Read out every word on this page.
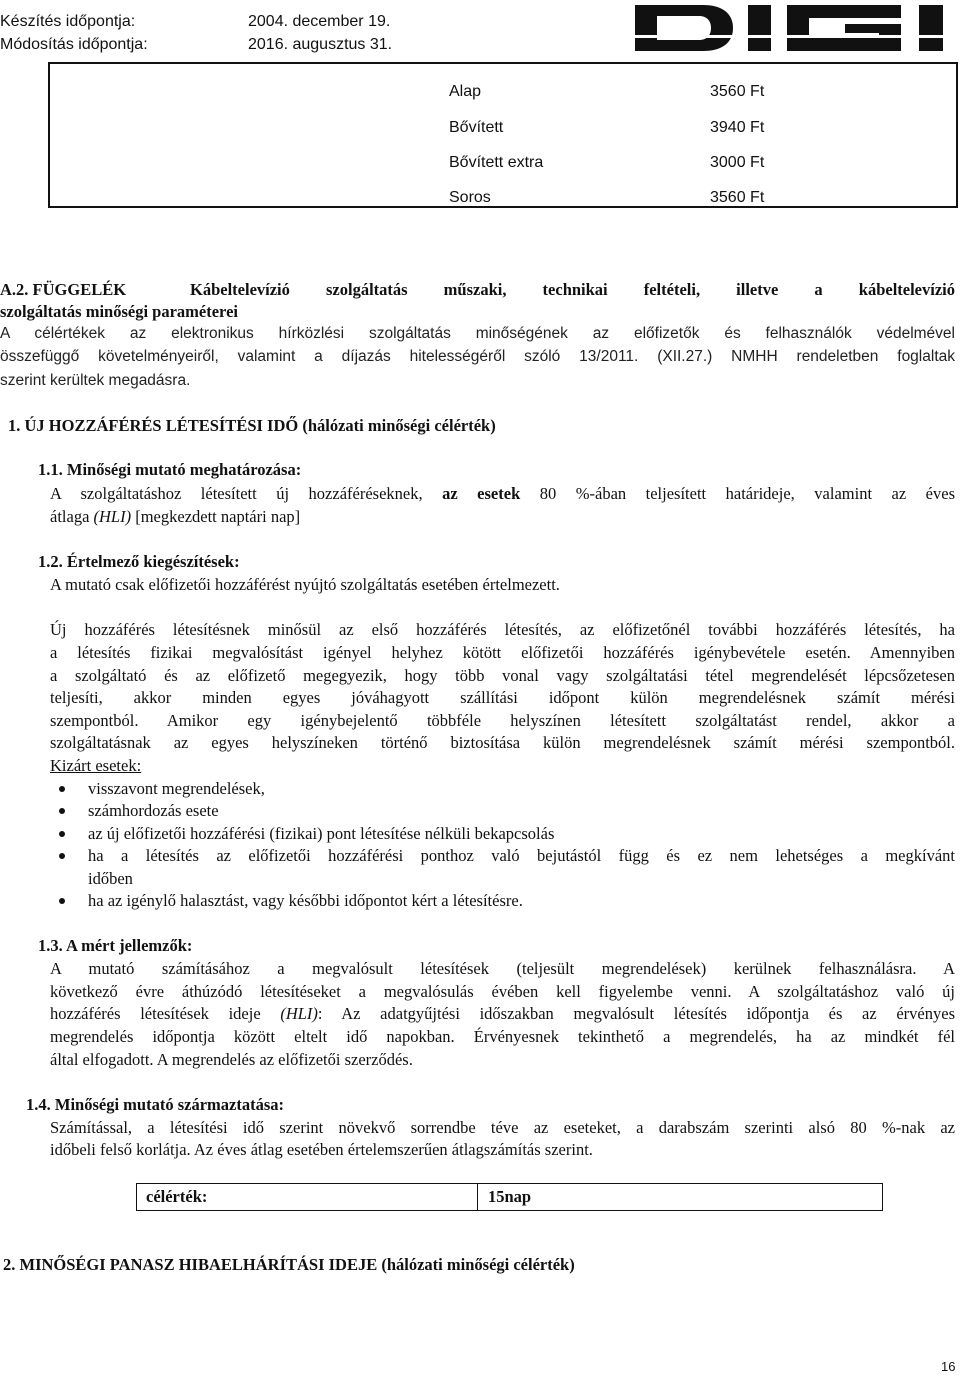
Készítés időpontja:	2004. december 19.
Módosítás időpontja:	2016. augusztus 31.
Alap	3560 Ft
Bővített	3940 Ft
Bővített extra	3000 Ft
Soros	3560 Ft
A.2. FÜGGELÉK	Kábeltelevízió szolgáltatás műszaki, technikai feltételi, illetve a kábeltelevízió
szolgáltatás minőségi paraméterei
A célértékek az elektronikus hírközlési szolgáltatás minőségének az előfizetők és felhasználók védelmével
összefüggő követelményeiről, valamint a díjazás hitelességéről szóló 13/2011. (XII.27.) NMHH rendeletben foglaltak
szerint kerültek megadásra.
1. ÚJ HOZZÁFÉRÉS LÉTESÍTÉSI IDŐ (hálózati minőségi célérték)
1.1. Minőségi mutató meghatározása:
A szolgáltatáshoz létesített új hozzáféréseknek, az esetek 80 %-ában teljesített határideje, valamint az éves
átlaga (HLI) [megkezdett naptári nap]
1.2. Értelmező kiegészítések:
A mutató csak előfizetői hozzáférést nyújtó szolgáltatás esetében értelmezett.
Új hozzáférés létesítésnek minősül az első hozzáférés létesítés, az előfizetőnél további hozzáférés létesítés, ha
a létesítés fizikai megvalósítást igényel helyhez kötött előfizetői hozzáférés igénybevétele esetén. Amennyiben
a szolgáltató és az előfizető megegyezik, hogy több vonal vagy szolgáltatási tétel megrendelését lépcsőzetesen
teljesíti, akkor minden egyes jóváhagyott szállítási időpont külön megrendelésnek számít mérési
szempontból. Amikor egy igénybejelentő többféle helyszínen létesített szolgáltatást rendel, akkor a
szolgáltatásnak az egyes helyszíneken történő biztosítása külön megrendelésnek számít mérési szempontból.
Kizárt esetek:
visszavont megrendelések,
számhordozás esete
az új előfizetői hozzáférési (fizikai) pont létesítése nélküli bekapcsolás
ha a létesítés az előfizetői hozzáférési ponthoz való bejutástól függ és ez nem lehetséges a megkívánt
időben
ha az igénylő halasztást, vagy későbbi időpontot kért a létesítésre.
1.3. A mért jellemzők:
A mutató számításához a megvalósult létesítések (teljesült megrendelések) kerülnek felhasználásra. A
következő évre áthúzódó létesítéseket a megvalósulás évében kell figyelembe venni. A szolgáltatáshoz való új
hozzáférés létesítések ideje (HLI): Az adatgyűjtési időszakban megvalósult létesítés időpontja és az érvényes
megrendelés időpontja között eltelt idő napokban. Érvényesnek tekinthető a megrendelés, ha az mindkét fél
által elfogadott. A megrendelés az előfizetői szerződés.
1.4. Minőségi mutató származtatása:
Számítással, a létesítési idő szerint növekvő sorrendbe téve az eseteket, a darabszám szerinti alsó 80 %-nak az
időbeli felső korlátja. Az éves átlag esetében értelemszerűen átlagszámítás szerint.
célérték:	15nap
2. MINŐSÉGI PANASZ HIBAELHÁRÍTÁSI IDEJE (hálózati minőségi célérték)
16
